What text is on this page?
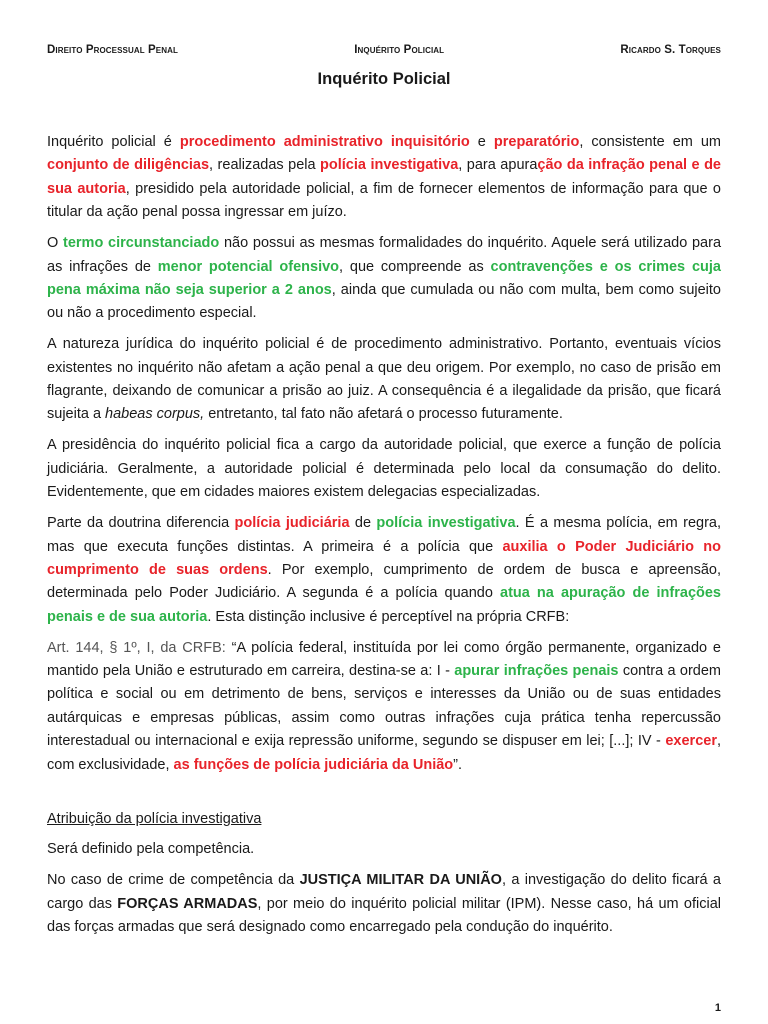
Direito Processual Penal	Inquérito Policial	Ricardo S. Torques
Inquérito Policial

Inquérito policial é procedimento administrativo inquisitório e preparatório, consistente em um conjunto de diligências, realizadas pela polícia investigativa, para apuração da infração penal e de sua autoria, presidido pela autoridade policial, a fim de fornecer elementos de informação para que o titular da ação penal possa ingressar em juízo.

O termo circunstanciado não possui as mesmas formalidades do inquérito. Aquele será utilizado para as infrações de menor potencial ofensivo, que compreende as contravenções e os crimes cuja pena máxima não seja superior a 2 anos, ainda que cumulada ou não com multa, bem como sujeito ou não a procedimento especial.

A natureza jurídica do inquérito policial é de procedimento administrativo. Portanto, eventuais vícios existentes no inquérito não afetam a ação penal a que deu origem. Por exemplo, no caso de prisão em flagrante, deixando de comunicar a prisão ao juiz. A consequência é a ilegalidade da prisão, que ficará sujeita a habeas corpus, entretanto, tal fato não afetará o processo futuramente.

A presidência do inquérito policial fica a cargo da autoridade policial, que exerce a função de polícia judiciária. Geralmente, a autoridade policial é determinada pelo local da consumação do delito. Evidentemente, que em cidades maiores existem delegacias especializadas.

Parte da doutrina diferencia polícia judiciária de polícia investigativa. É a mesma polícia, em regra, mas que executa funções distintas. A primeira é a polícia que auxilia o Poder Judiciário no cumprimento de suas ordens. Por exemplo, cumprimento de ordem de busca e apreensão, determinada pelo Poder Judiciário. A segunda é a polícia quando atua na apuração de infrações penais e de sua autoria. Esta distinção inclusive é perceptível na própria CRFB:

Art. 144, § 1º, I, da CRFB: “A polícia federal, instituída por lei como órgão permanente, organizado e mantido pela União e estruturado em carreira, destina-se a: I - apurar infrações penais contra a ordem política e social ou em detrimento de bens, serviços e interesses da União ou de suas entidades autárquicas e empresas públicas, assim como outras infrações cuja prática tenha repercussão interestadual ou internacional e exija repressão uniforme, segundo se dispuser em lei; [...]; IV - exercer, com exclusividade, as funções de polícia judiciária da União”.

Atribuição da polícia investigativa

Será definido pela competência.

No caso de crime de competência da JUSTIÇA MILITAR DA UNIÃO, a investigação do delito ficará a cargo das FORÇAS ARMADAS, por meio do inquérito policial militar (IPM). Nesse caso, há um oficial das forças armadas que será designado como encarregado pela condução do inquérito.

1
